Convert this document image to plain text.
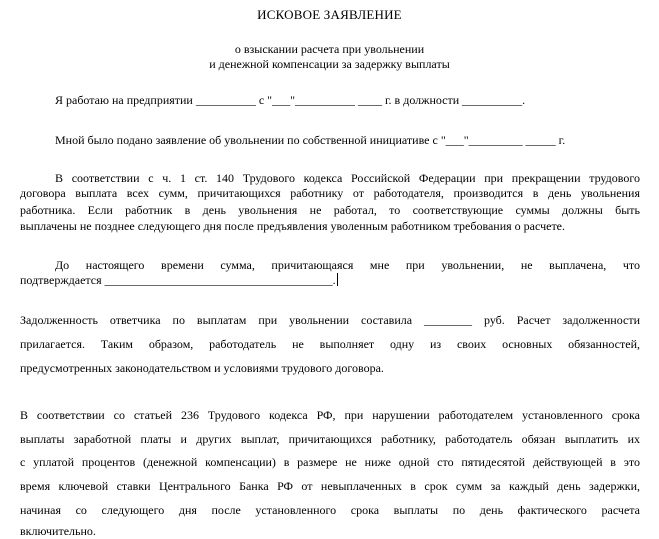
ИСКОВОЕ ЗАЯВЛЕНИЕ
о взыскании расчета при увольнении
и денежной компенсации за задержку выплаты
Я работаю на предприятии __________ с "___"__________ ____ г. в должности __________.
Мной было подано заявление об увольнении по собственной инициативе с "___"_________ _____ г.
В соответствии с ч. 1 ст. 140 Трудового кодекса Российской Федерации при прекращении трудового
договора выплата всех сумм, причитающихся работнику от работодателя, производится в день увольнения
работника. Если работник в день увольнения не работал, то соответствующие суммы должны быть
выплачены не позднее следующего дня после предъявления уволенным работником требования о расчете.
До настоящего времени сумма, причитающаяся мне при увольнении, не выплачена, что
подтверждается ______________________________________.
Задолженность ответчика по выплатам при увольнении составила ________ руб. Расчет задолженности
прилагается. Таким образом, работодатель не выполняет одну из своих основных обязанностей,
предусмотренных законодательством и условиями трудового договора.
В соответствии со статьей 236 Трудового кодекса РФ, при нарушении работодателем установленного срока
выплаты заработной платы и других выплат, причитающихся работнику, работодатель обязан выплатить их
с уплатой процентов (денежной компенсации) в размере не ниже одной сто пятидесятой действующей в это
время ключевой ставки Центрального Банка РФ от невыплаченных в срок сумм за каждый день задержки,
начиная со следующего дня после установленного срока выплаты по день фактического расчета
включительно.
